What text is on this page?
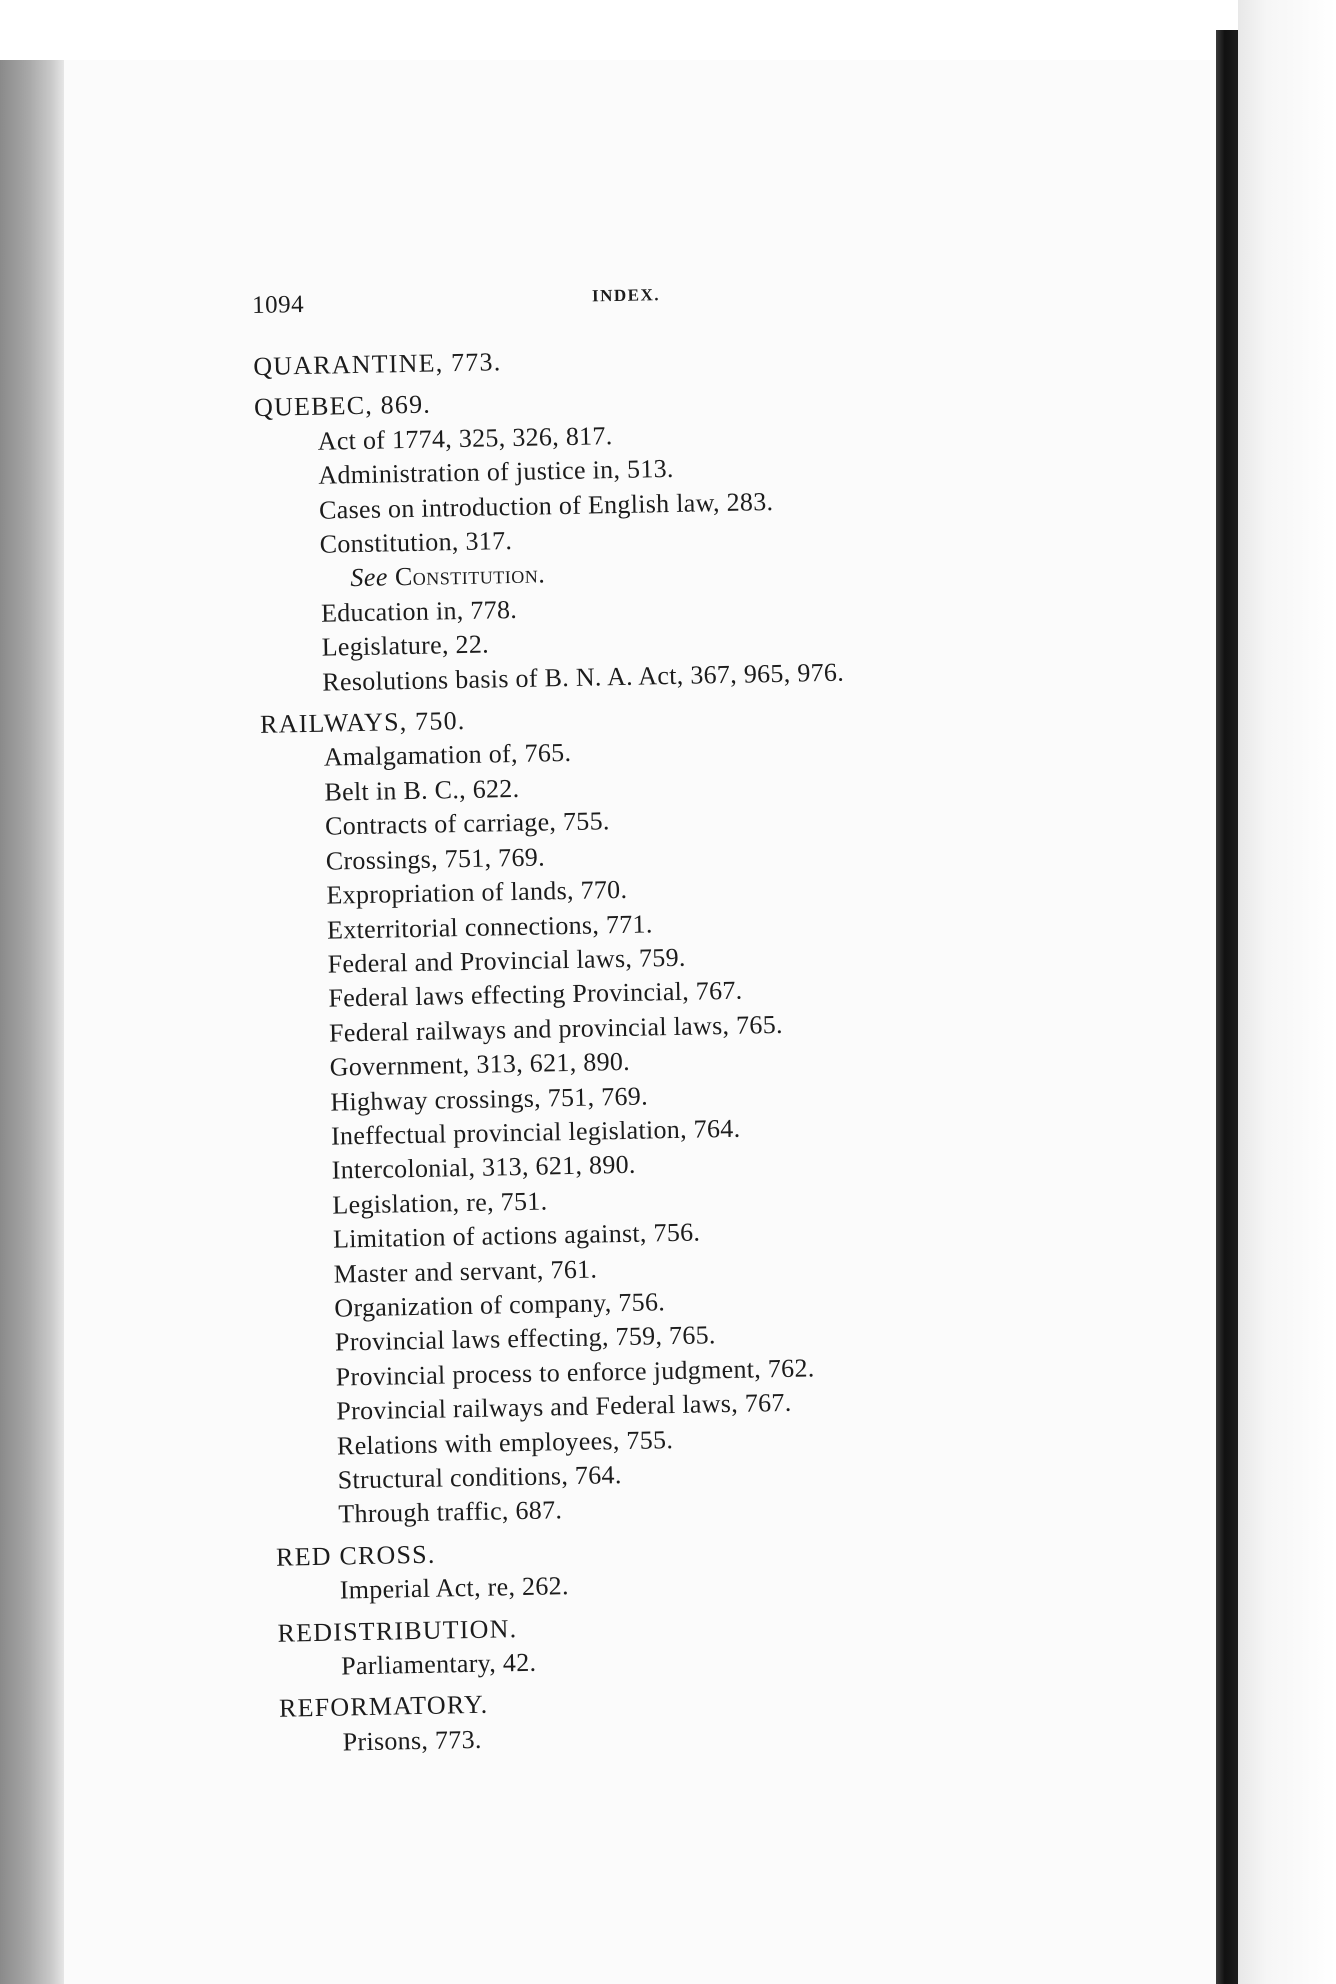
1094	INDEX.

QUARANTINE, 773.

QUEBEC, 869.

Act of 1774, 325, 326, 817.

Administration of justice in, 513.

Cases on introduction of English law, 283.

Constitution, 317.

See Constitution.

Education in, 778.

Legislature, 22.

Resolutions basis of B. N. A. Act, 367, 965, 976.

RAILWAYS, 750.

Amalgamation of, 765.

Belt in B. C., 622.

Contracts of carriage, 755.

Crossings, 751, 769.

Expropriation of lands, 770.

Exterritorial connections, 771.

Federal and Provincial laws, 759.

Federal laws effecting Provincial, 767.

Federal railways and provincial laws, 765.

Government, 313, 621, 890.

Highway crossings, 751, 769.

Ineffectual provincial legislation, 764.

Intercolonial, 313, 621, 890.

Legislation, re, 751.

Limitation of actions against, 756.

Master and servant, 761.

Organization of company, 756.

Provincial laws effecting, 759, 765.

Provincial process to enforce judgment, 762.

Provincial railways and Federal laws, 767.

Relations with employees, 755.

Structural conditions, 764.

Through traffic, 687.

RED CROSS.

Imperial Act, re, 262.

REDISTRIBUTION.

Parliamentary, 42.

REFORMATORY.

Prisons, 773.
